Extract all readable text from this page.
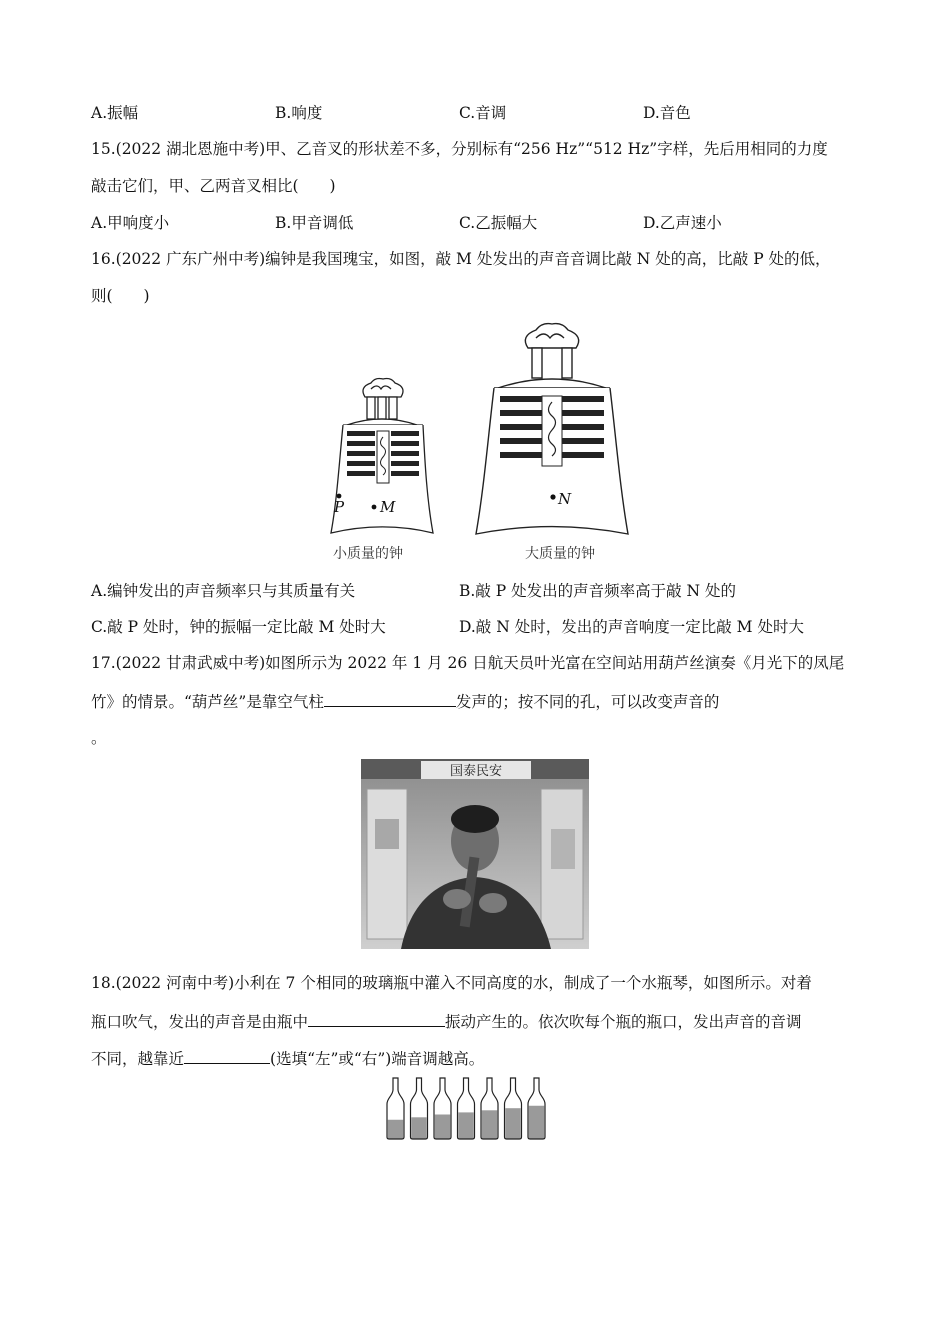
A.振幅	B.响度	C.音调	D.音色
15.(2022 湖北恩施中考)甲、乙音叉的形状差不多，分别标有“256 Hz”“512 Hz”字样，先后用相同的力度
敲击它们，甲、乙两音叉相比(　　)
A.甲响度小	B.甲音调低	C.乙振幅大	D.乙声速小
16.(2022 广东广州中考)编钟是我国瑰宝，如图，敲 M 处发出的声音音调比敲 N 处的高，比敲 P 处的低，
则(　　)
P M
小质量的钟
N
大质量的钟
A.编钟发出的声音频率只与其质量有关	B.敲 P 处发出的声音频率高于敲 N 处的
C.敲 P 处时，钟的振幅一定比敲 M 处时大	D.敲 N 处时，发出的声音响度一定比敲 M 处时大
17.(2022 甘肃武威中考)如图所示为 2022 年 1 月 26 日航天员叶光富在空间站用葫芦丝演奏《月光下的凤尾
竹》的情景。“葫芦丝”是靠空气柱	发声的；按不同的孔，可以改变声音的
。
国泰民安
18.(2022 河南中考)小利在 7 个相同的玻璃瓶中灌入不同高度的水，制成了一个水瓶琴，如图所示。对着
瓶口吹气，发出的声音是由瓶中	振动产生的。依次吹每个瓶的瓶口，发出声音的音调
不同，越靠近	(选填“左”或“右”)端音调越高。
